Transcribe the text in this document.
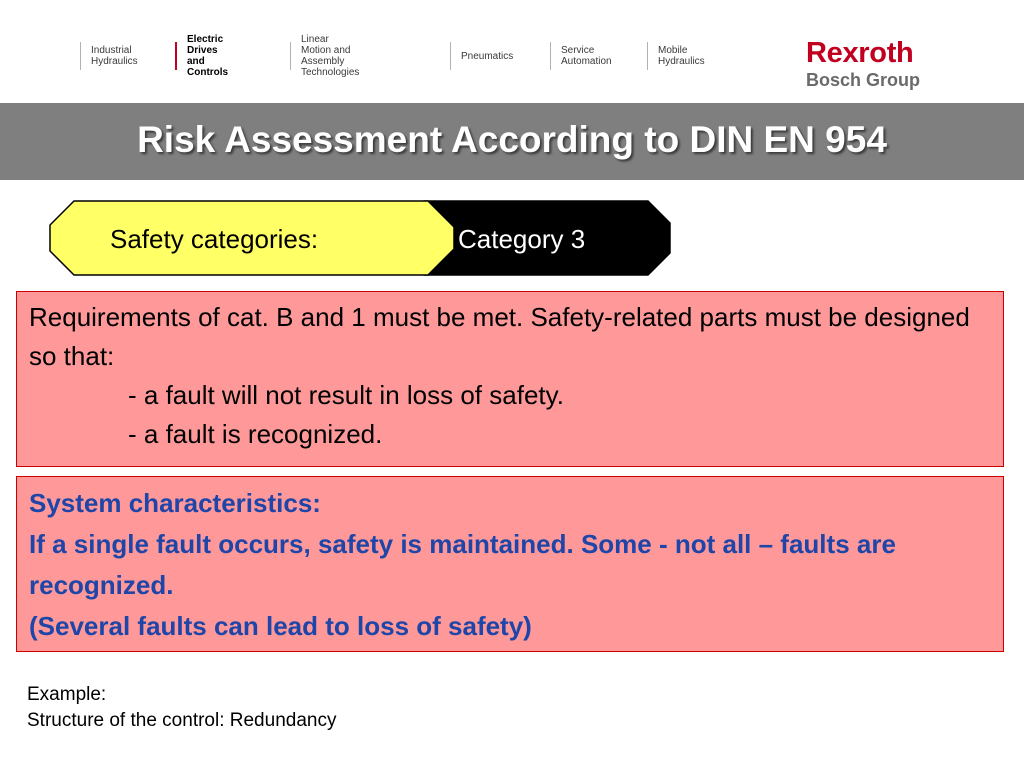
Industrial
Hydraulics
Electric Drives
and Controls
Linear Motion and
Assembly Technologies
Pneumatics	Service
Automation
Mobile
Hydraulics	Rexroth
Bosch Group
Risk Assessment According to DIN EN 954
Safety categories:	Category 3

Requirements of cat. B and 1 must be met. Safety-related parts must be designed so that:

- a fault will not result in loss of safety.

- a fault is recognized.

System characteristics:

If a single fault occurs, safety is maintained. Some - not all – faults are recognized.

(Several faults can lead to loss of safety)

Example:
Structure of the control: Redundancy
